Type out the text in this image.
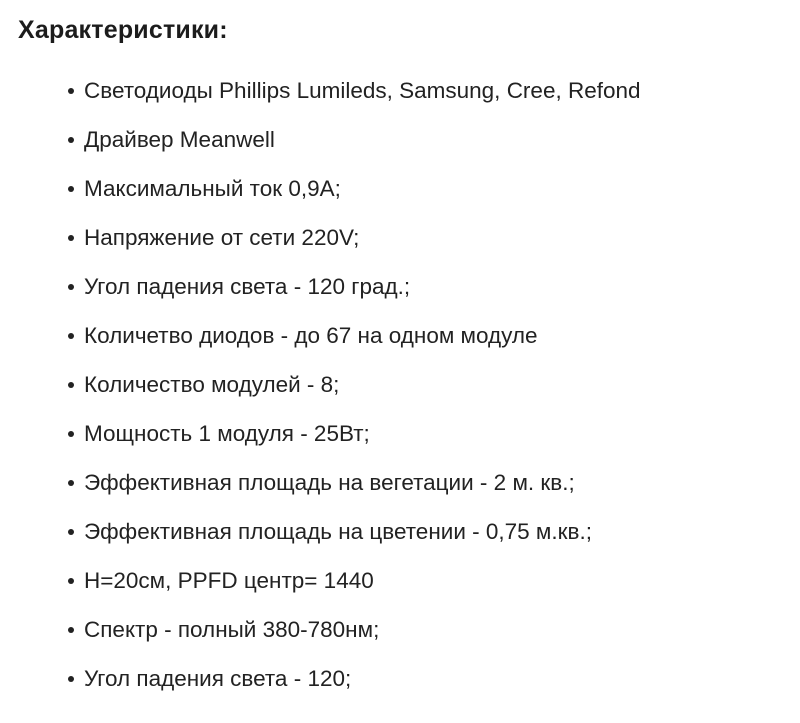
Характеристики:
Светодиоды Phillips Lumileds, Samsung, Cree, Refond
Драйвер Meanwell
Максимальный ток 0,9А;
Напряжение от сети 220V;
Угол падения света - 120 град.;
Количетво диодов - до 67 на одном модуле
Количество модулей - 8;
Мощность 1 модуля - 25Вт;
Эффективная площадь на вегетации - 2 м. кв.;
Эффективная площадь на цветении - 0,75 м.кв.;
Н=20см, PPFD центр= 1440
Спектр - полный 380-780нм;
Угол падения света - 120;
